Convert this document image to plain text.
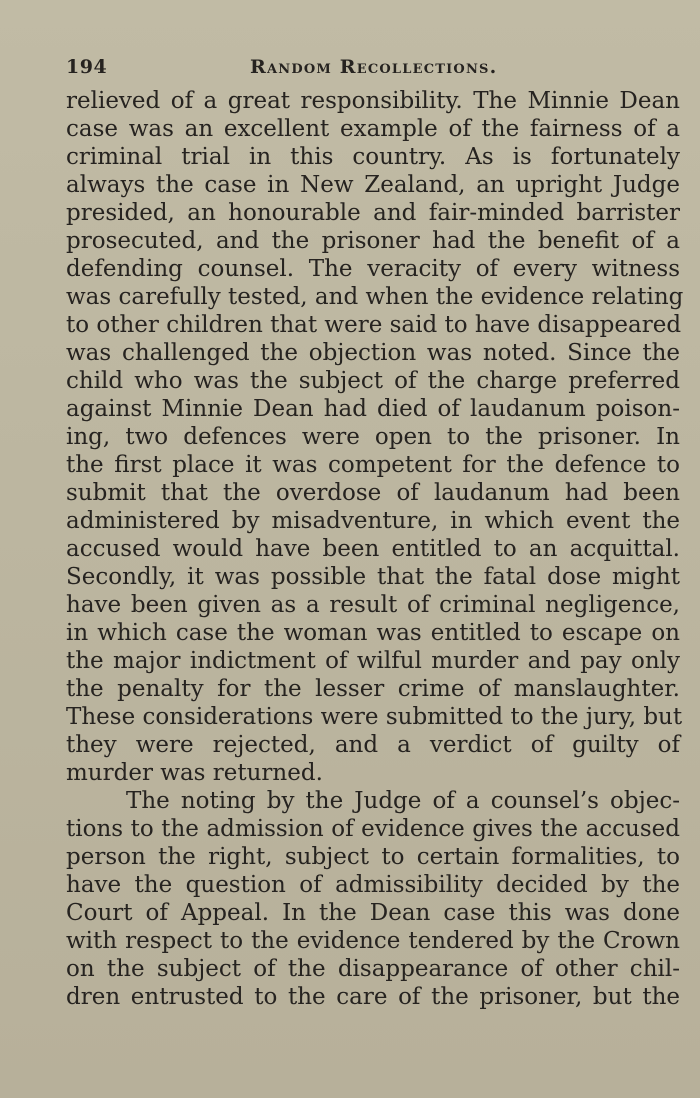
194	Random Recollections.
relieved of a great responsibility. The Minnie Dean
case was an excellent example of the fairness of a
criminal trial in this country. As is fortunately
always the case in New Zealand, an upright Judge
presided, an honourable and fair-minded barrister
prosecuted, and the prisoner had the benefit of a
defending counsel. The veracity of every witness
was carefully tested, and when the evidence relating
to other children that were said to have disappeared
was challenged the objection was noted. Since the
child who was the subject of the charge preferred
against Minnie Dean had died of laudanum poison-
ing, two defences were open to the prisoner. In
the first place it was competent for the defence to
submit that the overdose of laudanum had been
administered by misadventure, in which event the
accused would have been entitled to an acquittal.
Secondly, it was possible that the fatal dose might
have been given as a result of criminal negligence,
in which case the woman was entitled to escape on
the major indictment of wilful murder and pay only
the penalty for the lesser crime of manslaughter.
These considerations were submitted to the jury, but
they were rejected, and a verdict of guilty of
murder was returned.
The noting by the Judge of a counsel’s objec-
tions to the admission of evidence gives the accused
person the right, subject to certain formalities, to
have the question of admissibility decided by the
Court of Appeal. In the Dean case this was done
with respect to the evidence tendered by the Crown
on the subject of the disappearance of other chil-
dren entrusted to the care of the prisoner, but the
